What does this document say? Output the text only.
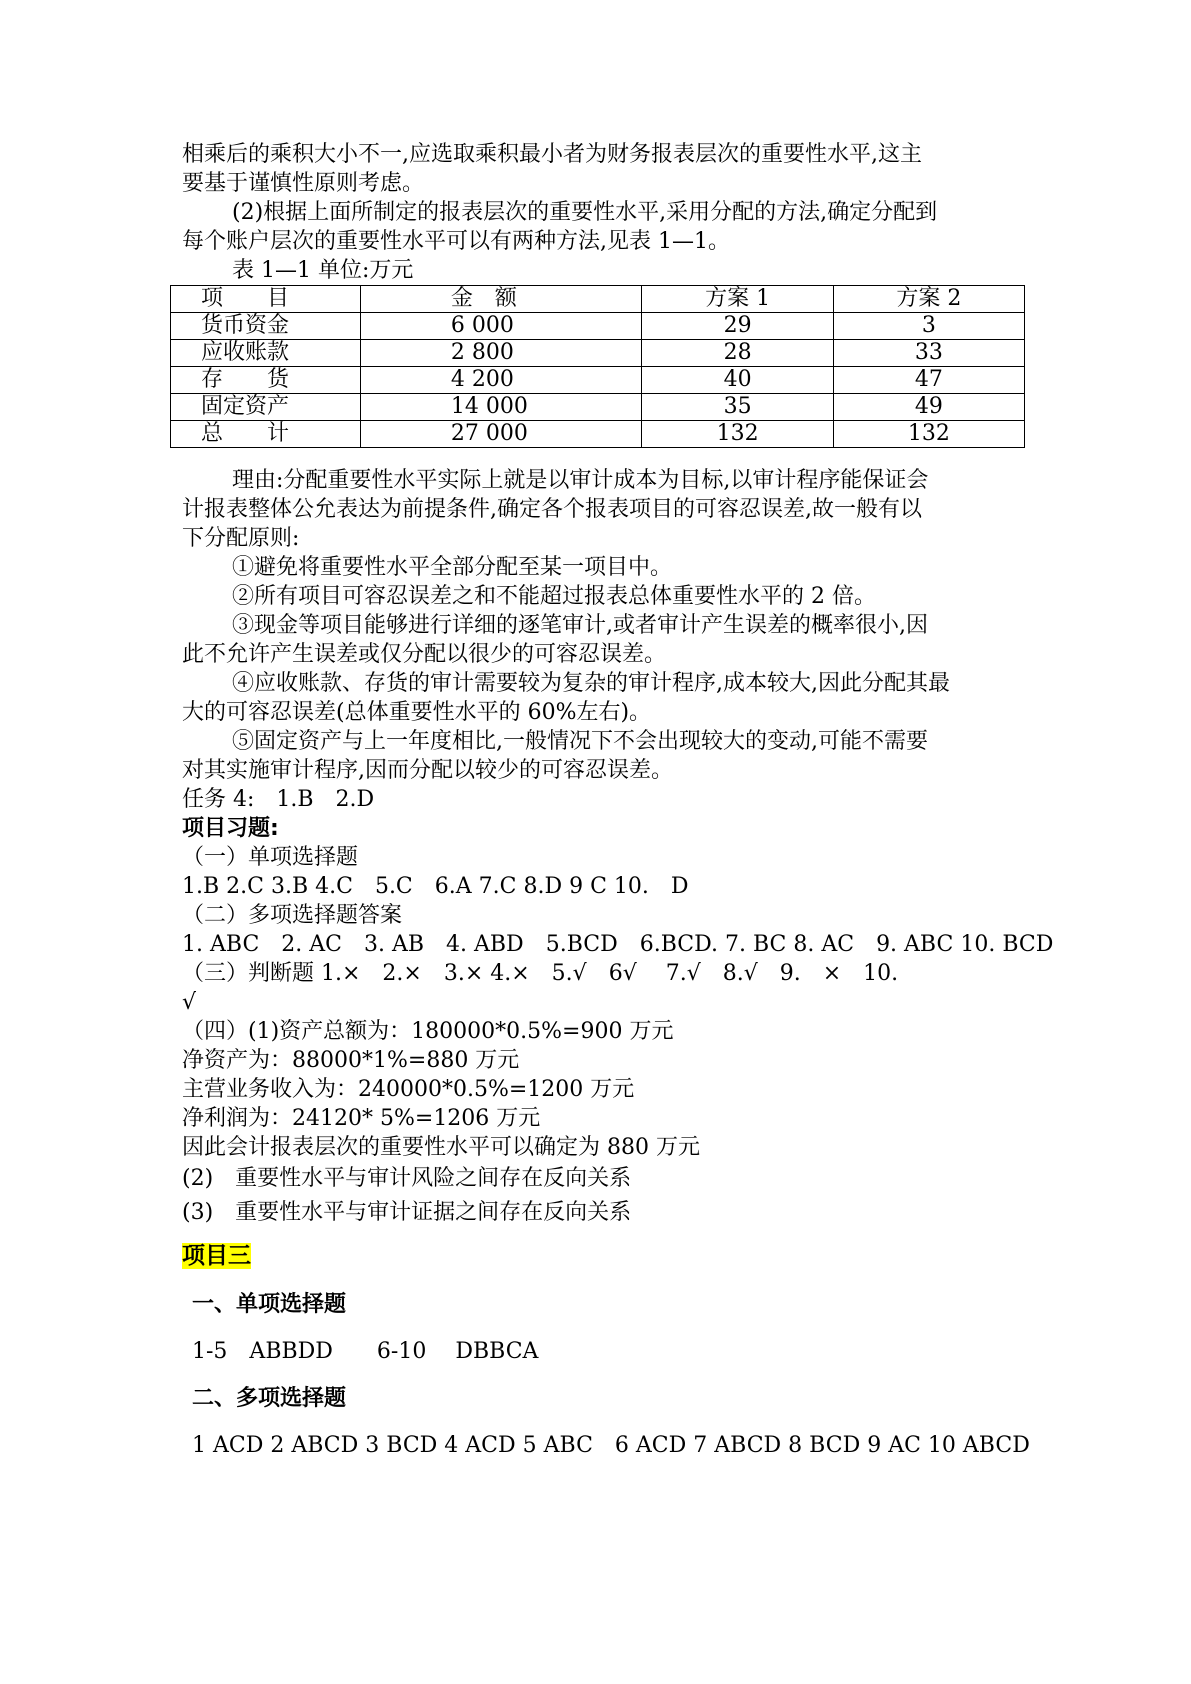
相乘后的乘积大小不一,应选取乘积最小者为财务报表层次的重要性水平,这主

要基于谨慎性原则考虑。

(2)根据上面所制定的报表层次的重要性水平,采用分配的方法,确定分配到

每个账户层次的重要性水平可以有两种方法,见表 1—1。

表 1—1 单位:万元

项　　目	金　额	方案 1	方案 2
货币资金	6 000	29	3
应收账款	2 800	28	33
存　　货	4 200	40	47
固定资产	14 000	35	49
总　　计	27 000	132	132

理由:分配重要性水平实际上就是以审计成本为目标,以审计程序能保证会

计报表整体公允表达为前提条件,确定各个报表项目的可容忍误差,故一般有以

下分配原则:

①避免将重要性水平全部分配至某一项目中。

②所有项目可容忍误差之和不能超过报表总体重要性水平的 2 倍。

③现金等项目能够进行详细的逐笔审计,或者审计产生误差的概率很小,因

此不允许产生误差或仅分配以很少的可容忍误差。

④应收账款、存货的审计需要较为复杂的审计程序,成本较大,因此分配其最

大的可容忍误差(总体重要性水平的 60%左右)。

⑤固定资产与上一年度相比,一般情况下不会出现较大的变动,可能不需要

对其实施审计程序,因而分配以较少的可容忍误差。

任务 4:　1.B　2.D

项目习题:

（一）单项选择题

1.B 2.C 3.B 4.C　5.C　6.A 7.C 8.D 9 C 10.　D

（二）多项选择题答案

1. ABC　2. AC　3. AB　4. ABD　5.BCD　6.BCD. 7. BC 8. AC　9. ABC 10. BCD

（三）判断题 1.×　2.×　3.× 4.×　5.√　6√　 7.√　8.√　9.　×　10.

√

（四）(1)资产总额为：180000*0.5%=900 万元

净资产为：88000*1%=880 万元

主营业务收入为：240000*0.5%=1200 万元

净利润为：24120* 5%=1206 万元

因此会计报表层次的重要性水平可以确定为 880 万元

(2)　重要性水平与审计风险之间存在反向关系

(3)　重要性水平与审计证据之间存在反向关系

项目三

一、单项选择题

1-5　ABBDD　　6-10　 DBBCA

二、多项选择题

1 ACD 2 ABCD 3 BCD 4 ACD 5 ABC　6 ACD 7 ABCD 8 BCD 9 AC 10 ABCD
